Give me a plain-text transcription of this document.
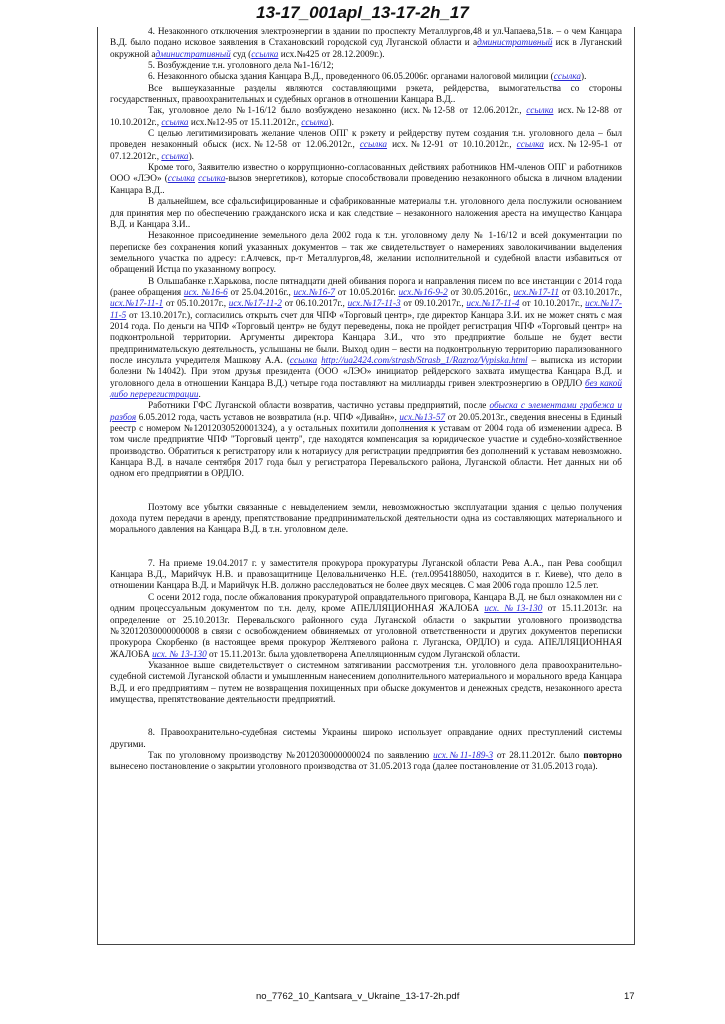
13-17_001apl_13-17-2h_17

4. Незаконного отключения электроэнергии в здании по проспекту Металлургов,48 и ул.Чапаева,51в. – о чем Канцара В.Д. было подано исковое заявления в Стахановский городской суд Луганской области и административный иск в Луганский окружной административный суд (ссылка исх.№425 от 28.12.2009г.).

5. Возбуждение т.н. уголовного дела №1-16/12;

6. Незаконного обыска здания Канцара В.Д., проведенного 06.05.2006г. органами налоговой милиции (ссылка).

Все вышеуказанные разделы являются составляющими рэкета, рейдерства, вымогательства со стороны государственных, правоохранительных и судебных органов в отношении Канцара В.Д..

Так, уголовное дело №1-16/12 было возбуждено незаконно (исх.№12-58 от 12.06.2012г., ссылка исх.№12-88 от 10.10.2012г., ссылка исх.№12-95 от 15.11.2012г., ссылка).

С целью легитимизировать желание членов ОПГ к рэкету и рейдерству путем создания т.н. уголовного дела – был проведен незаконный обыск (исх.№12-58 от 12.06.2012г., ссылка исх.№12-91 от 10.10.2012г., ссылка исх.№12-95-1 от 07.12.2012г., ссылка).

Кроме того, Заявителю известно о коррупционно-согласованных действиях работников НМ-членов ОПГ и работников ООО «ЛЭО» (ссылка ссылка-вызов энергетиков), которые способствовали проведению незаконного обыска в личном владении Канцара В.Д..

В дальнейшем, все сфальсифицированные и сфабрикованные материалы т.н. уголовного дела послужили основанием для принятия мер по обеспечению гражданского иска и как следствие – незаконного наложения ареста на имущество Канцара В.Д. и Канцара З.И..

Незаконное присоединение земельного дела 2002 года к т.н. уголовному делу № 1-16/12 и всей документации по переписке без сохранения копий указанных документов – так же свидетельствует о намерениях заволокичивании выделения земельного участка по адресу: г.Алчевск, пр-т Металлургов,48, желании исполнительной и судебной власти избавиться от обращений Истца по указанному вопросу.

В Ольшабанке г.Харькова, после пятнадцати дней обивания порога и направления писем по все инстанции с 2014 года (ранее обращения исх. №16-6 от 25.04.2016г., исх.№16-7 от 10.05.2016г. исх.№16-9-2 от 30.05.2016г., исх.№17-11 от 03.10.2017г., исх.№17-11-1 от 05.10.2017г., исх.№17-11-2 от 06.10.2017г., исх.№17-11-3 от 09.10.2017г., исх.№17-11-4 от 10.10.2017г., исх.№17-11-5 от 13.10.2017г.), согласились открыть счет для ЧПФ «Торговый центр», где директор Канцара З.И. их не может снять с мая 2014 года. По деньги на ЧПФ «Торговый центр» не будут переведены, пока не пройдет регистрация ЧПФ «Торговый центр» на подконтрольной территории. Аргументы директора Канцара З.И., что это предприятие больше не будет вести предпринимательскую деятельность, услышаны не были. Выход один – вести на подконтрольную территорию парализованного после инсульта учредителя Машкову А.А. (ссылка http://ua2424.com/strasb/Strasb_1/Razroz/Vypiska.html – выписка из истории болезни №14042). При этом друзья президента (ООО «ЛЭО» инициатор рейдерского захвата имущества Канцара В.Д. и уголовного дела в отношении Канцара В.Д.) четыре года поставляют на миллиарды гривен электроэнергию в ОРДЛО без какой либо перерегистрации.

Работники ГФС Луганской области возвратив, частично уставы предприятий, после обыска с элементами грабежа и разбоя 6.05.2012 года, часть уставов не возвратила (н.р. ЧПФ «Дивайн», исх.№13-57 от 20.05.2013г., сведения внесены в Единый реестр с номером №12012030520001324), а у остальных похитили дополнения к уставам от 2004 года об изменении адреса. В том числе предприятие ЧПФ "Торговый центр", где находятся компенсация за юридическое участие и судебно-хозяйственное производство. Обратиться к регистратору или к нотариусу для регистрации предприятия без дополнений к уставам невозможно. Канцара В.Д. в начале сентября 2017 года был у регистратора Перевальского района, Луганской области. Нет данных ни об одном его предприятии в ОРДЛО.

Поэтому все убытки связанные с невыделением земли, невозможностью эксплуатации здания с целью получения дохода путем передачи в аренду, препятствование предпринимательской деятельности одна из составляющих материального и морального давления на Канцара В.Д. в т.н. уголовном деле.

7. На приеме 19.04.2017 г. у заместителя прокурора прокуратуры Луганской области Рева А.А., пан Рева сообщил Канцара В.Д., Марийчук Н.В. и правозащитнице Целовальниченко Н.Е. (тел.0954188050, находится в г. Киеве), что дело в отношении Канцара В.Д. и Марийчук Н.В. должно расследоваться не более двух месяцев. С мая 2006 года прошло 12.5 лет.

С осени 2012 года, после обжалования прокуратурой оправдательного приговора, Канцара В.Д. не был ознакомлен ни с одним процессуальным документом по т.н. делу, кроме АПЕЛЛЯЦИОННАЯ ЖАЛОБА исх. №13-130 от 15.11.2013г. на определение от 25.10.2013г. Перевальского районного суда Луганской области о закрытии уголовного производства №32012030000000008 в связи с освобождением обвиняемых от уголовной ответственности и других документов переписки прокурора Скорбенко (в настоящее время прокурор Желтяевого района г. Луганска, ОРДЛО) и суда. АПЕЛЛЯЦИОННАЯ ЖАЛОБА исх. № 13-130 от 15.11.2013г. была удовлетворена Апелляционным судом Луганской области.

Указанное выше свидетельствует о системном затягивании рассмотрения т.н. уголовного дела правоохранительно-судебной системой Луганской области и умышленным нанесением дополнительного материального и морального вреда Канцара В.Д. и его предприятиям – путем не возвращения похищенных при обыске документов и денежных средств, незаконного ареста имущества, препятствование деятельности предприятий.

8. Правоохранительно-судебная системы Украины широко использует оправдание одних преступлений системы другими.

Так по уголовному производству №2012030000000024 по заявлению исх.№11-189-3 от 28.11.2012г. было повторно вынесено постановление о закрытии уголовного производства от 31.05.2013 года (далее постановление от 31.05.2013 года).

no_7762_10_Kantsara_v_Ukraine_13-17-2h.pdf	17
